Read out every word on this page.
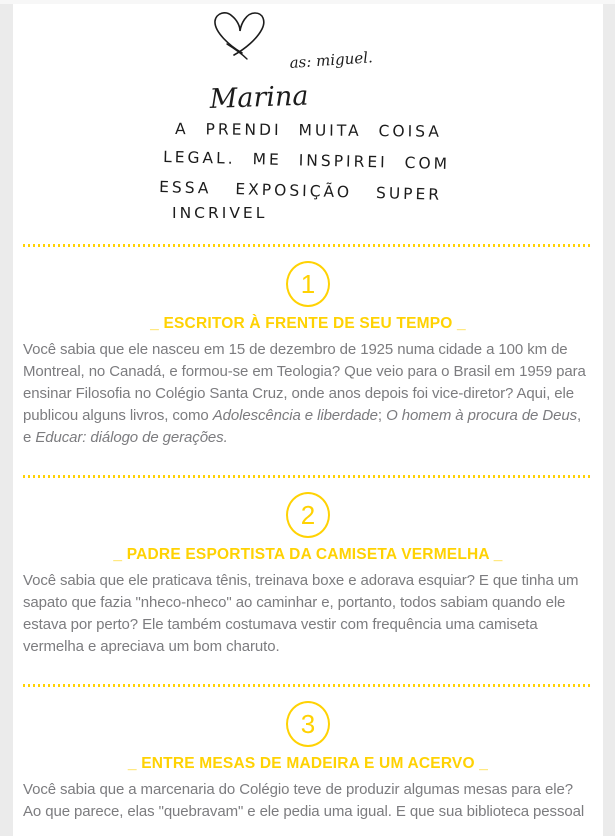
as: miguel.
Marina
A PRENDI MUITA COISA
LEGAL. ME INSPIREI COM
ESSA EXPOSIÇÃO SUPER
INCRIVEL
1
_ ESCRITOR À FRENTE DE SEU TEMPO _

Você sabia que ele nasceu em 15 de dezembro de 1925 numa cidade a 100 km de Montreal, no Canadá, e formou-se em Teologia? Que veio para o Brasil em 1959 para ensinar Filosofia no Colégio Santa Cruz, onde anos depois foi vice-diretor? Aqui, ele publicou alguns livros, como Adolescência e liberdade; O homem à procura de Deus, e Educar: diálogo de gerações.

2
_ PADRE ESPORTISTA DA CAMISETA VERMELHA _

Você sabia que ele praticava tênis, treinava boxe e adorava esquiar? E que tinha um sapato que fazia "nheco-nheco" ao caminhar e, portanto, todos sabiam quando ele estava por perto? Ele também costumava vestir com frequência uma camiseta vermelha e apreciava um bom charuto.

3
_ ENTRE MESAS DE MADEIRA E UM ACERVO _

Você sabia que a marcenaria do Colégio teve de produzir algumas mesas para ele? Ao que parece, elas "quebravam" e ele pedia uma igual. E que sua biblioteca pessoal
